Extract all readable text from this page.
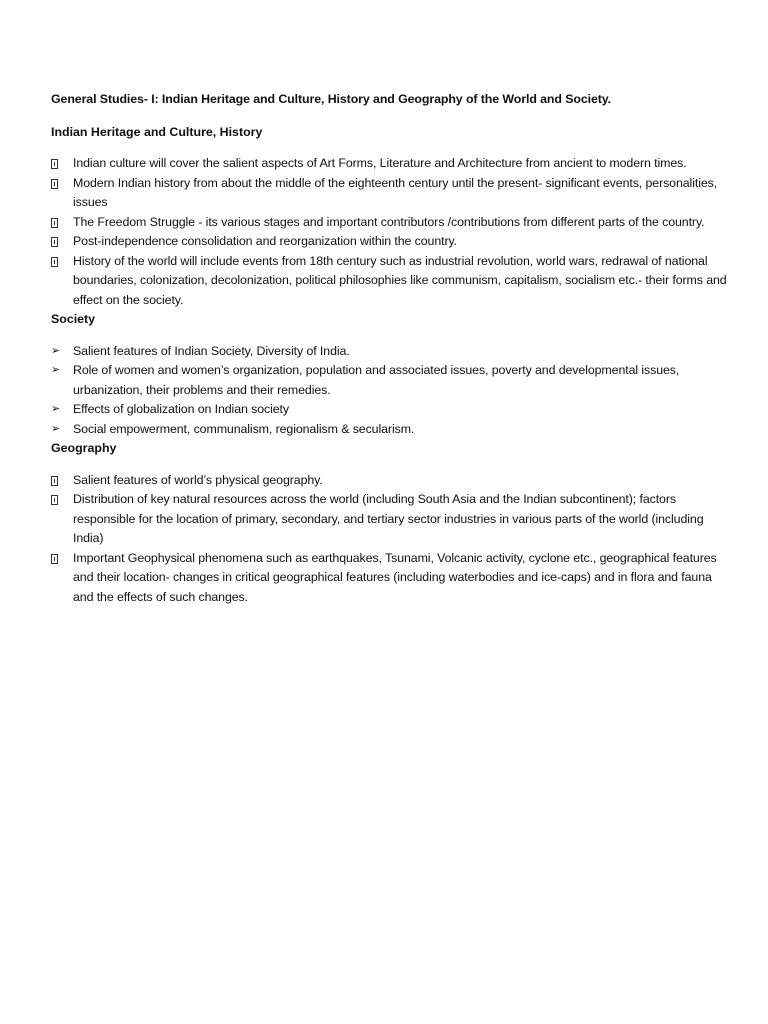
General Studies- I: Indian Heritage and Culture, History and Geography of the World and Society.

Indian Heritage and Culture, History

Indian culture will cover the salient aspects of Art Forms, Literature and Architecture from ancient to modern times.
Modern Indian history from about the middle of the eighteenth century until the present- significant events, personalities, issues
The Freedom Struggle - its various stages and important contributors /contributions from different parts of the country.
Post-independence consolidation and reorganization within the country.
History of the world will include events from 18th century such as industrial revolution, world wars, redrawal of national boundaries, colonization, decolonization, political philosophies like communism, capitalism, socialism etc.- their forms and effect on the society.

Society

➢	Salient features of Indian Society, Diversity of India.
➢	Role of women and women’s organization, population and associated issues, poverty and developmental issues, urbanization, their problems and their remedies.
➢	Effects of globalization on Indian society
➢	Social empowerment, communalism, regionalism & secularism.

Geography

Salient features of world’s physical geography.
Distribution of key natural resources across the world (including South Asia and the Indian subcontinent); factors responsible for the location of primary, secondary, and tertiary sector industries in various parts of the world (including India)
Important Geophysical phenomena such as earthquakes, Tsunami, Volcanic activity, cyclone etc., geographical features and their location- changes in critical geographical features (including waterbodies and ice-caps) and in flora and fauna and the effects of such changes.
